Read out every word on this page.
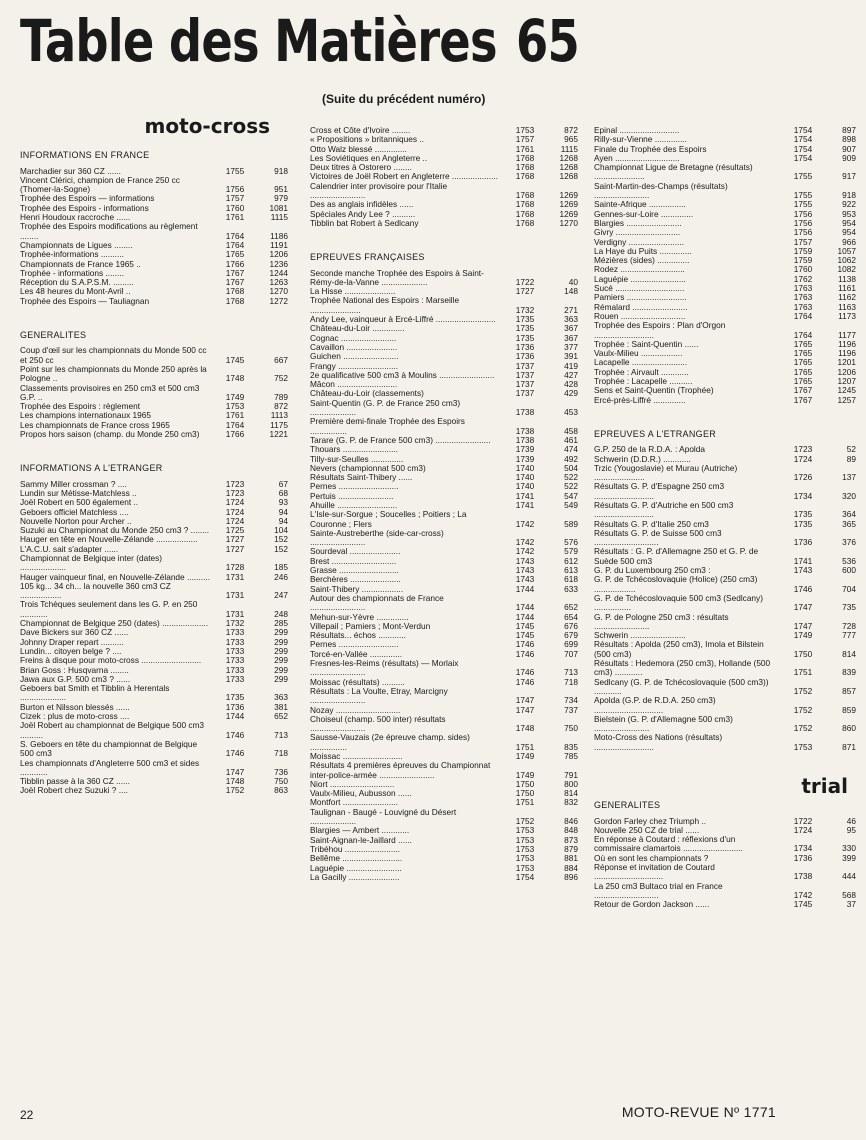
Table des Matières 65
(Suite du précédent numéro)
moto-cross
INFORMATIONS EN FRANCE
Marchadier sur 360 CZ ......	1755	918
Vincent Clérici, champion de France 250 cc (Thomer-la-Sogne)	1756	951
Trophée des Espoirs — informations	1757	979
Trophée des Espoirs - informations	1760	1081
Henri Houdoux raccroche ......	1761	1115
Trophée des Espoirs modifications au règlement ........	1764	1186
Championnats de Ligues ........	1764	1191
Trophée-informations ..........	1765	1206
Championnats de France 1965 ..	1766	1236
Trophée - informations ........	1767	1244
Réception du S.A.P.S.M. .........	1767	1263
Les 48 heures du Mont-Avril ..	1768	1270
Trophée des Espoirs — Tauliagnan	1768	1272
GENERALITES
Coup d'œil sur les championnats du Monde 500 cc et 250 cc	1745	667
Point sur les championnats du Monde 250 après la Pologne ..	1748	752
Classements provisoires en 250 cm3 et 500 cm3 G.P. ..	1749	789
Trophée des Espoirs : règlement	1753	872
Les champions internationaux 1965	1761	1113
Les championnats de France cross 1965	1764	1175
Propos hors saison (champ. du Monde 250 cm3)	1766	1221
INFORMATIONS A L'ETRANGER
Sammy Miller crossman ? ....	1723	67
Lundin sur Métisse-Matchless ..	1723	68
Joël Robert en 500 également ..	1724	93
Geboers officiel Matchless ....	1724	94
Nouvelle Norton pour Archer ..	1724	94
Suzuki au Championnat du Monde 250 cm3 ? ........	1725	104
Hauger en tête en Nouvelle-Zélande ..................	1727	152
L'A.C.U. sait s'adapter ......	1727	152
Championnat de Belgique inter (dates) ....................	1728	185
Hauger vainqueur final, en Nouvelle-Zélande ..........	1731	246
105 kg... 34 ch... la nouvelle 360 cm3 CZ ..................	1731	247
Trois Tchèques seulement dans les G. P. en 250 ............	1731	248
Championnat de Belgique 250 (dates) ....................	1732	285
Dave Bickers sur 360 CZ ......	1733	299
Johnny Draper repart ..........	1733	299
Lundin... citoyen belge ? ....	1733	299
Freins à disque pour moto-cross ..........................	1733	299
Brian Goss : Husqvarna ........	1733	299
Jawa aux G.P. 500 cm3 ? ......	1733	299
Geboers bat Smith et Tibblin à Herentals ....................	1735	363
Burton et Nilsson blessés ......	1736	381
Cizek : plus de moto-cross ....	1744	652
Joël Robert au championnat de Belgique 500 cm3 ..........	1746	713
S. Geboers en tête du championnat de Belgique 500 cm3	1746	718
Les championnats d'Angleterre 500 cm3 et sides ............	1747	736
Tibblin passe à la 360 CZ ......	1748	750
Joël Robert chez Suzuki ? ....	1752	863
Cross et Côte d'Ivoire ........	1753	872
« Propositions » britanniques ..	1757	965
Otto Walz blessé ..............	1761	1115
Les Soviétiques en Angleterre ..	1768	1268
Deux titres à Ostorero ........	1768	1268
Victoires de Joël Robert en Angleterre ....................	1768	1268
Calendrier inter provisoire pour l'Italie ........................	1768	1269
Des as anglais infidèles ......	1768	1269
Spéciales Andy Lee ? ..........	1768	1269
Tibblin bat Robert à Sedlcany	1768	1270
EPREUVES FRANÇAISES
Seconde manche Trophée des Espoirs à Saint-Rémy-de-la-Vanne ....................	1722	40
La Hisse ......................	1727	148
Trophée National des Espoirs : Marseille ......................	1732	271
Andy Lee, vainqueur à Ercé-Liffré ..........................	1735	363
Château-du-Loir ..............	1735	367
Cognac ........................	1735	367
Cavaillon ......................	1736	377
Guichen ........................	1736	391
Frangy ..........................	1737	419
2e qualificative 500 cm3 à Moulins ........................	1737	427
Mâcon ..........................	1737	428
Château-du-Loir (classements)	1737	429
Saint-Quentin (G. P. de France 250 cm3) ....................	1738	453
Première demi-finale Trophée des Espoirs ................	1738	458
Tarare (G. P. de France 500 cm3) ........................	1738	461
Thouars ........................	1739	474
Tilly-sur-Seulles ..............	1739	492
Nevers (championnat 500 cm3)	1740	504
Résultats Saint-Thibery ......	1740	522
Pernes ..........................	1740	522
Pertuis ........................	1741	547
Ahuille ..........................	1741	549
L'Isle-sur-Sorgue ; Soucelles ; Poitiers ; La Couronne ; Flers	1742	589
Sainte-Austreberthe (side-car-cross) ........................	1742	576
Sourdeval ......................	1742	579
Brest ............................	1743	612
Grasse ..........................	1743	613
Berchères ......................	1743	618
Saint-Thibery ..................	1744	633
Autour des championnats de France ........................	1744	652
Mehun-sur-Yèvre ..............	1744	654
Villepail ; Pamiers ; Mont-Verdun	1745	676
Résultats... échos ............	1745	679
Pernes ..........................	1746	699
Torcé-en-Vallée ..............	1746	707
Fresnes-les-Reims (résultats) — Morlaix ........................	1746	713
Moissac (résultats) ..........	1746	718
Résultats : La Voulte, Etray, Marcigny ........................	1747	734
Nozay ............................	1747	737
Choiseul (champ. 500 inter) résultats ........................	1748	750
Sausse-Vauzais (2e épreuve champ. sides) ................	1751	835
Moissac ..........................	1749	785
Résultats 4 premières épreuves du Championnat inter-police-armée ........................	1749	791
Niort ............................	1750	800
Vaulx-Milieu, Aubusson ......	1750	814
Montfort ........................	1751	832
Taulignan - Baugé - Louvigné du Désert ....................	1752	846
Blargies — Ambert ............	1753	848
Saint-Aignan-le-Jaillard ......	1753	873
Tribéhou ........................	1753	879
Bellême ..........................	1753	881
Laguépie ........................	1753	884
La Gacilly ......................	1754	896
Epinal ..........................	1754	897
Rilly-sur-Vienne ..............	1754	898
Finale du Trophée des Espoirs	1754	907
Ayen ............................	1754	909
Championnat Ligue de Bretagne (résultats) ......................	1755	917
Saint-Martin-des-Champs (résultats) ........................	1755	918
Sainte-Afrique ................	1755	922
Gennes-sur-Loire ..............	1756	953
Blargies ........................	1756	954
Givry ............................	1756	954
Verdigny ........................	1757	966
La Haye du Puits ..............	1759	1057
Mézières (sides) ..............	1759	1062
Rodez ............................	1760	1082
Laguépie ........................	1762	1138
Sucé ..............................	1763	1161
Pamiers ..........................	1763	1162
Rémalard ........................	1763	1163
Rouen ............................	1764	1173
Trophée des Espoirs : Plan d'Orgon ..........................	1764	1177
Trophée : Saint-Quentin ......	1765	1196
Vaulx-Milieu ..................	1765	1196
Lacapelle ........................	1765	1201
Trophée : Airvault ............	1765	1206
Trophée : Lacapelle ..........	1765	1207
Sens et Saint-Quentin (Trophée)	1767	1245
Ercé-près-Liffré ..............	1767	1257
EPREUVES A L'ETRANGER
G.P. 250 de la R.D.A. : Apolda	1723	52
Schwerin (D.D.R.) ............	1724	89
Trzic (Yougoslavie) et Murau (Autriche) ......................	1726	137
Résultats G. P. d'Espagne 250 cm3 ..........................	1734	320
Résultats G. P. d'Autriche en 500 cm3 ..........................	1735	364
Résultats G. P. d'Italie 250 cm3	1735	365
Résultats G. P. de Suisse 500 cm3 ............................	1736	376
Résultats : G. P. d'Allemagne 250 et G. P. de Suède 500 cm3	1741	536
G. P. du Luxembourg 250 cm3 :	1743	600
G. P. de Tchécoslovaquie (Holice) (250 cm3) ..................	1746	704
G. P. de Tchécoslovaquie 500 cm3 (Sedlcany) ................	1747	735
G. P. de Pologne 250 cm3 : résultats ........................	1747	728
Schwerin ........................	1749	777
Résultats : Apolda (250 cm3), Imola et Bilstein (500 cm3)	1750	814
Résultats : Hedemora (250 cm3), Hollande (500 cm3) ............	1751	839
Sedlcany (G. P. de Tchécoslovaquie (500 cm3)) ............	1752	857
Apolda (G.P. de R.D.A. 250 cm3) ..............................	1752	859
Bielstein (G. P. d'Allemagne 500 cm3) ........................	1752	860
Moto-Cross des Nations (résultats) ..........................	1753	871
trial
GENERALITES
Gordon Farley chez Triumph ..	1722	46
Nouvelle 250 CZ de trial ......	1724	95
En réponse à Coutard : réflexions d'un commissaire clamartois ..........................	1734	330
Où en sont les championnats ?	1736	399
Réponse et invitation de Coutard ..............................	1738	444
La 250 cm3 Bultaco trial en France ............................	1742	568
Retour de Gordon Jackson ......	1745	37
22	MOTO-REVUE Nº 1771
